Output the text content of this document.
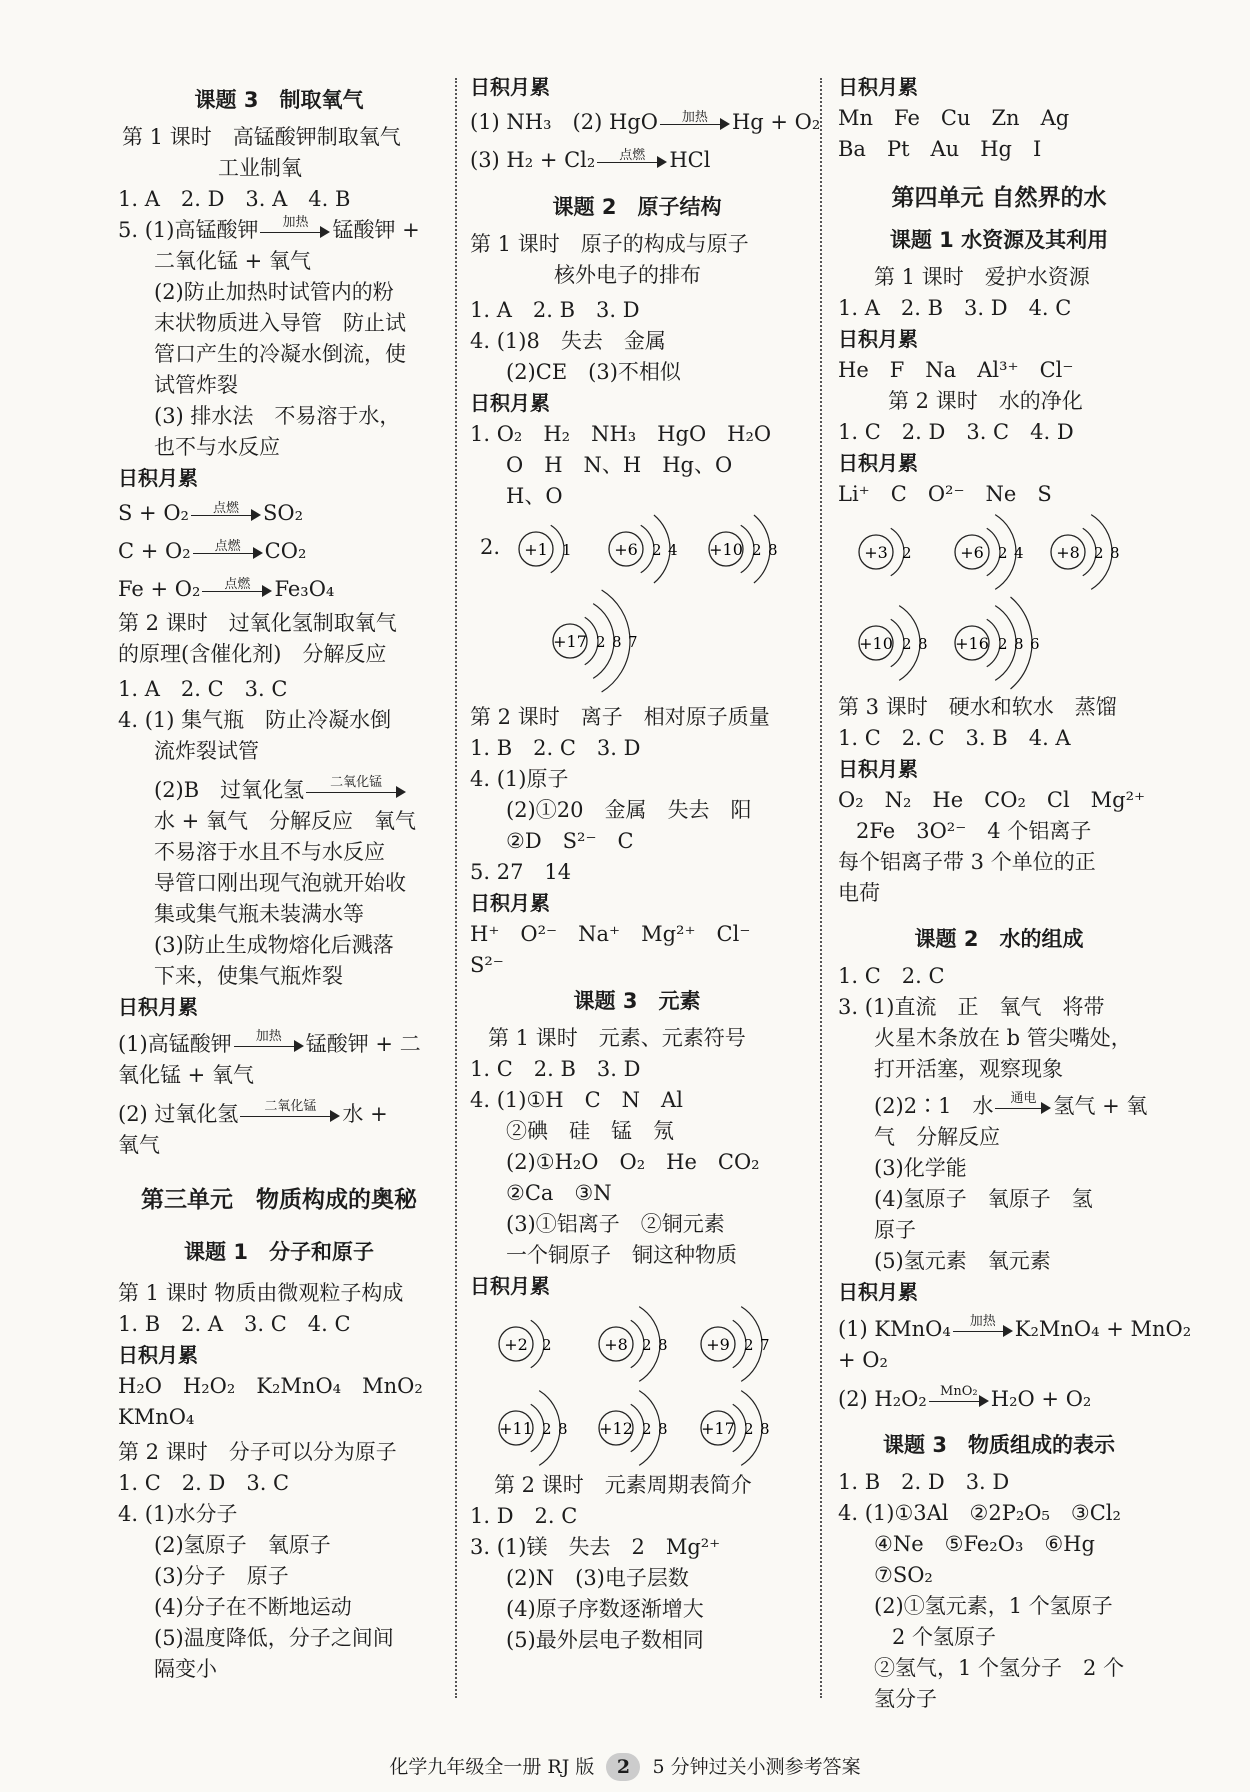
课题 3　制取氧气
第 1 课时　高锰酸钾制取氧气
工业制氧
1. A　2. D　3. A　4. B
5. (1)高锰酸钾	加热	锰酸钾 +
二氧化锰 + 氧气
(2)防止加热时试管内的粉
末状物质进入导管　防止试
管口产生的冷凝水倒流，使
试管炸裂
(3) 排水法　不易溶于水，
也不与水反应
日积月累
S + O₂	点燃	SO₂
C + O₂	点燃	CO₂
Fe + O₂	点燃	Fe₃O₄
第 2 课时　过氧化氢制取氧气
的原理(含催化剂)　分解反应
1. A　2. C　3. C
4. (1) 集气瓶　防止冷凝水倒
流炸裂试管
(2)B　过氧化氢	二氧化锰
水 + 氧气　分解反应　氧气
不易溶于水且不与水反应
导管口刚出现气泡就开始收
集或集气瓶未装满水等
(3)防止生成物熔化后溅落
下来，使集气瓶炸裂
日积月累
(1)高锰酸钾	加热	锰酸钾 + 二
氧化锰 + 氧气
(2) 过氧化氢	二氧化锰	水 +
氧气
第三单元　物质构成的奥秘
课题 1　分子和原子
第 1 课时 物质由微观粒子构成
1. B　2. A　3. C　4. C
日积月累
H₂O　H₂O₂　K₂MnO₄　MnO₂
KMnO₄
第 2 课时　分子可以分为原子
1. C　2. D　3. C
4. (1)水分子
(2)氢原子　氧原子
(3)分子　原子
(4)分子在不断地运动
(5)温度降低，分子之间间
隔变小
日积月累
(1) NH₃　(2) HgO	加热	Hg + O₂
(3) H₂ + Cl₂	点燃	HCl
课题 2　原子结构
第 1 课时　原子的构成与原子
核外电子的排布
1. A　2. B　3. D
4. (1)8　失去　金属
(2)CE　(3)不相似
日积月累
1. O₂　H₂　NH₃　HgO　H₂O
O　H　N、H　Hg、O
H、O
2. +1 1	+6 2 4 +10 2 8
+17 2 8 7
第 2 课时　离子　相对原子质量
1. B　2. C　3. D
4. (1)原子
(2)①20　金属　失去　阳
②D　S²⁻　C
5. 27　14
日积月累
H⁺　O²⁻　Na⁺　Mg²⁺　Cl⁻
S²⁻
课题 3　元素
第 1 课时　元素、元素符号
1. C　2. B　3. D
4. (1)①H　C　N　Al
②碘　硅　锰　氖
(2)①H₂O　O₂　He　CO₂
②Ca　③N
(3)①铝离子　②铜元素
一个铜原子　铜这种物质
日积月累
+2 2	+8 2 8 +9 2 7
+11 2 8 +12 2 8 +17 2 8
第 2 课时　元素周期表简介
1. D　2. C
3. (1)镁　失去　2　Mg²⁺
(2)N　(3)电子层数
(4)原子序数逐渐增大
(5)最外层电子数相同
日积月累
Mn　Fe　Cu　Zn　Ag
Ba　Pt　Au　Hg　I
第四单元 自然界的水
课题 1 水资源及其利用
第 1 课时　爱护水资源
1. A　2. B　3. D　4. C
日积月累
He　F　Na　Al³⁺　Cl⁻
第 2 课时　水的净化
1. C　2. D　3. C　4. D
日积月累
Li⁺　C　O²⁻　Ne　S
+3 2	+6 2 4 +8 2 8
+10 2 8 +16 2 8 6
第 3 课时　硬水和软水　蒸馏
1. C　2. C　3. B　4. A
日积月累
O₂　N₂　He　CO₂　Cl　Mg²⁺
2Fe　3O²⁻　4 个铝离子
每个铝离子带 3 个单位的正
电荷
课题 2　水的组成
1. C　2. C
3. (1)直流　正　氧气　将带
火星木条放在 b 管尖嘴处，
打开活塞，观察现象
(2)2∶1　水	通电 氢气 + 氧
气　分解反应
(3)化学能
(4)氢原子　氧原子　氢
原子
(5)氢元素　氧元素
日积月累
(1) KMnO₄	加热 K₂MnO₄ + MnO₂
+ O₂
(2) H₂O₂	MnO₂ H₂O + O₂
课题 3　物质组成的表示
1. B　2. D　3. D
4. (1)①3Al　②2P₂O₅　③Cl₂
④Ne　⑤Fe₂O₃　⑥Hg
⑦SO₂
(2)①氢元素，1 个氢原子
2 个氢原子
②氢气，1 个氢分子　2 个
氢分子
化学九年级全一册 RJ 版 2 5 分钟过关小测参考答案
